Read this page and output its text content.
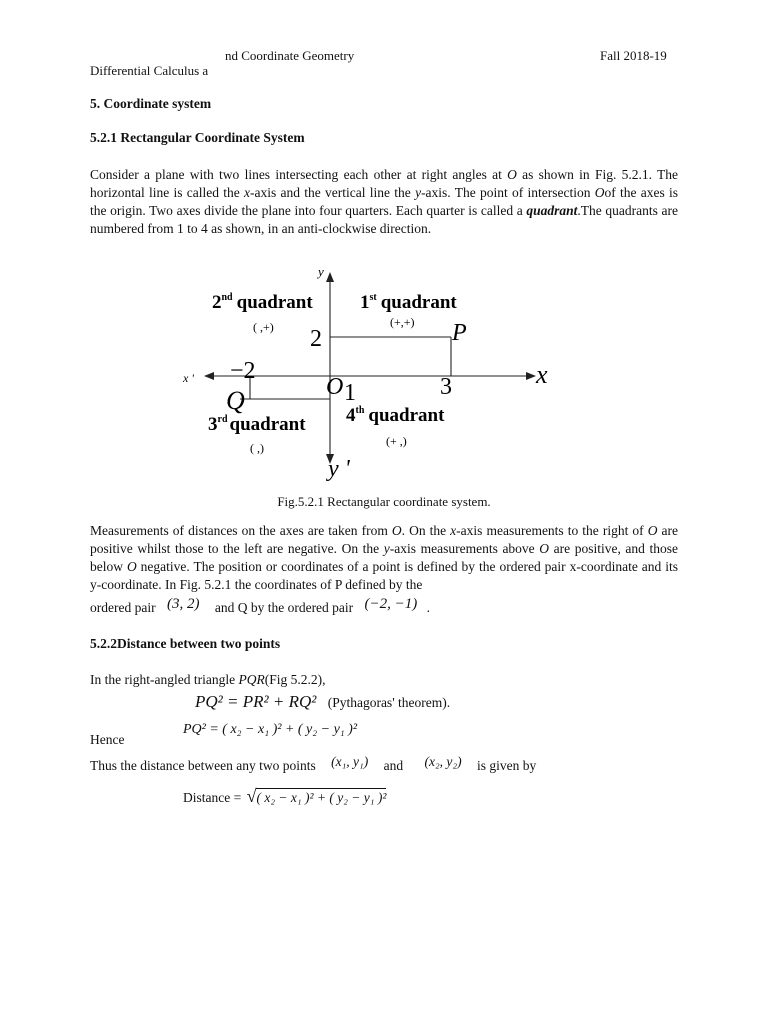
nd Coordinate Geometry
Differential Calculus a
Fall 2018-19
5. Coordinate system
5.2.1 Rectangular Coordinate System
Consider a plane with two lines intersecting each other at right angles at O as shown in Fig. 5.2.1. The horizontal line is called the x-axis and the vertical line the y-axis. The point of intersection Oof the axes is the origin. Two axes divide the plane into four quarters. Each quarter is called a quadrant.The quadrants are numbered from 1 to 4 as shown, in an anti-clockwise direction.
y
y '
x
x '
P
Q	O
2
−2
3
1
2nd quadrant
( ,+)
1st quadrant
(+,+)
3rd quadrant
( ,)
4th quadrant
(+ ,)
Fig.5.2.1 Rectangular coordinate system.
Measurements of distances on the axes are taken from O. On the x-axis measurements to the right of O are positive whilst those to the left are negative. On the y-axis measurements above O are positive, and those below O negative. The position or coordinates of a point is defined by the ordered pair x-coordinate and its y-coordinate. In Fig. 5.2.1 the coordinates of P defined by the
ordered pair (3, 2) and Q by the ordered pair (−2, −1) .
5.2.2Distance between two points
In the right-angled triangle PQR(Fig 5.2.2),
PQ² = PR² + RQ² (Pythagoras' theorem).
Hence
PQ² = ( x₂ − x₁ )² + ( y₂ − y₁ )²
Thus the distance between any two points (x₁, y₁) and (x₂, y₂) is given by
Distance = √( x₂ − x₁ )² + ( y₂ − y₁ )²
